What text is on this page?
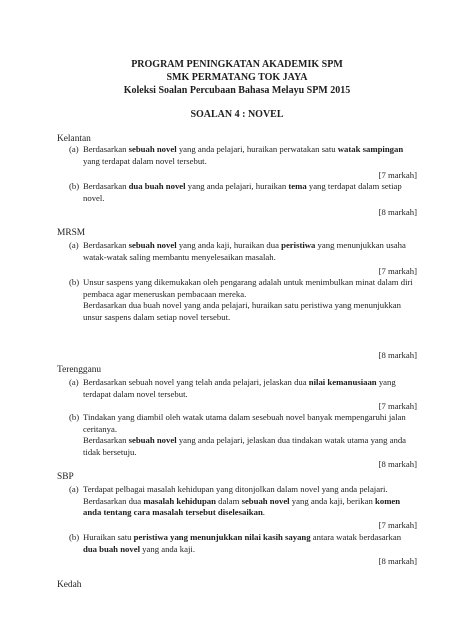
PROGRAM PENINGKATAN AKADEMIK SPM
SMK PERMATANG TOK JAYA
Koleksi Soalan Percubaan Bahasa Melayu SPM 2015
SOALAN 4 : NOVEL
Kelantan
(a) Berdasarkan sebuah novel yang anda pelajari, huraikan perwatakan satu watak sampingan yang terdapat dalam novel tersebut.
[7 markah]
(b) Berdasarkan dua buah novel yang anda pelajari, huraikan tema yang terdapat dalam setiap novel.
[8 markah]
MRSM
(a) Berdasarkan sebuah novel yang anda kaji, huraikan dua peristiwa yang menunjukkan usaha watak-watak saling membantu menyelesaikan masalah.
[7 markah]
(b) Unsur saspens yang dikemukakan oleh pengarang adalah untuk menimbulkan minat dalam diri pembaca agar meneruskan pembacaan mereka.

Berdasarkan dua buah novel yang anda pelajari, huraikan satu peristiwa yang menunjukkan unsur saspens dalam setiap novel tersebut.

[8 markah]
Terengganu
(a) Berdasarkan sebuah novel yang telah anda pelajari, jelaskan dua nilai kemanusiaan yang terdapat dalam novel tersebut.
[7 markah]
(b) Tindakan yang diambil oleh watak utama dalam sesebuah novel banyak mempengaruhi jalan ceritanya.

Berdasarkan sebuah novel yang anda pelajari, jelaskan dua tindakan watak utama yang anda tidak bersetuju.

[8 markah]
SBP
(a) Terdapat pelbagai masalah kehidupan yang ditonjolkan dalam novel yang anda pelajari.

Berdasarkan dua masalah kehidupan dalam sebuah novel yang anda kaji, berikan komen anda tentang cara masalah tersebut diselesaikan.

[7 markah]
(b) Huraikan satu peristiwa yang menunjukkan nilai kasih sayang antara watak berdasarkan dua buah novel yang anda kaji.
[8 markah]
Kedah
